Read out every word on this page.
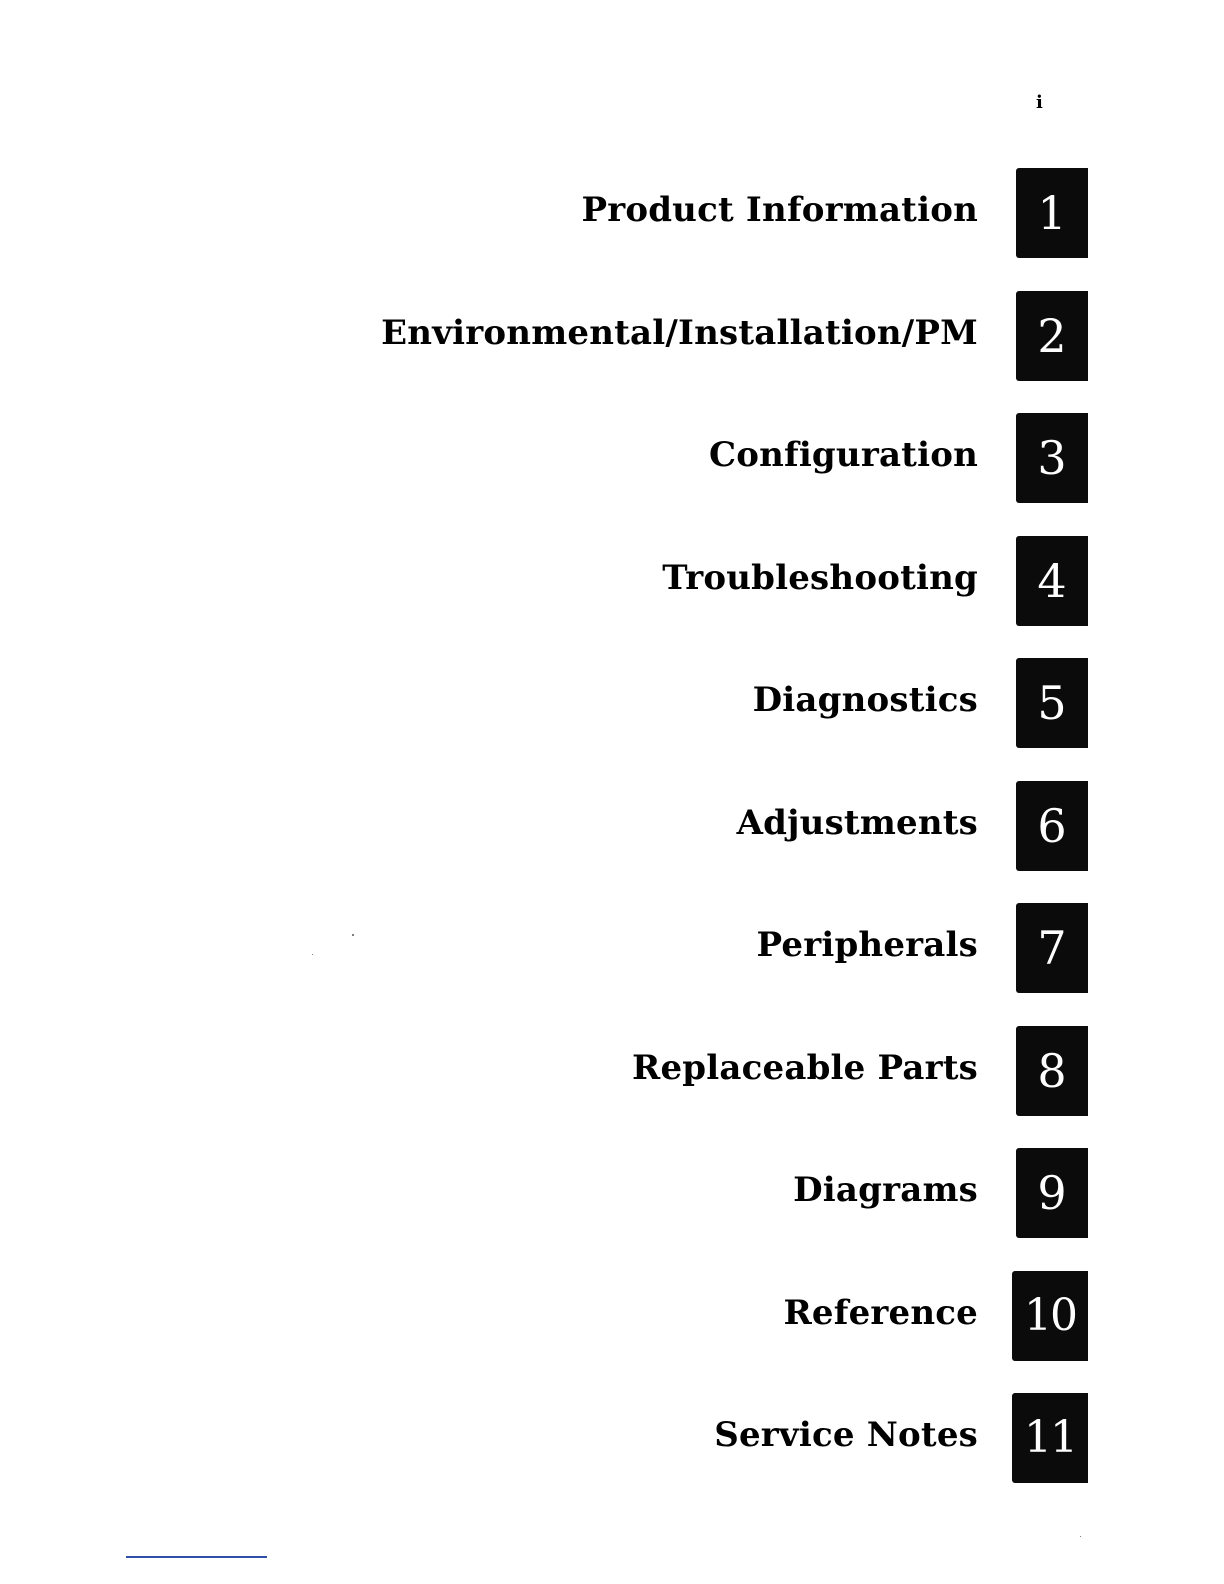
i
Product Information	1
Environmental/Installation/PM	2
Configuration	3
Troubleshooting	4
Diagnostics	5
Adjustments	6
Peripherals	7
Replaceable Parts	8
Diagrams	9
Reference 10
Service Notes 11
